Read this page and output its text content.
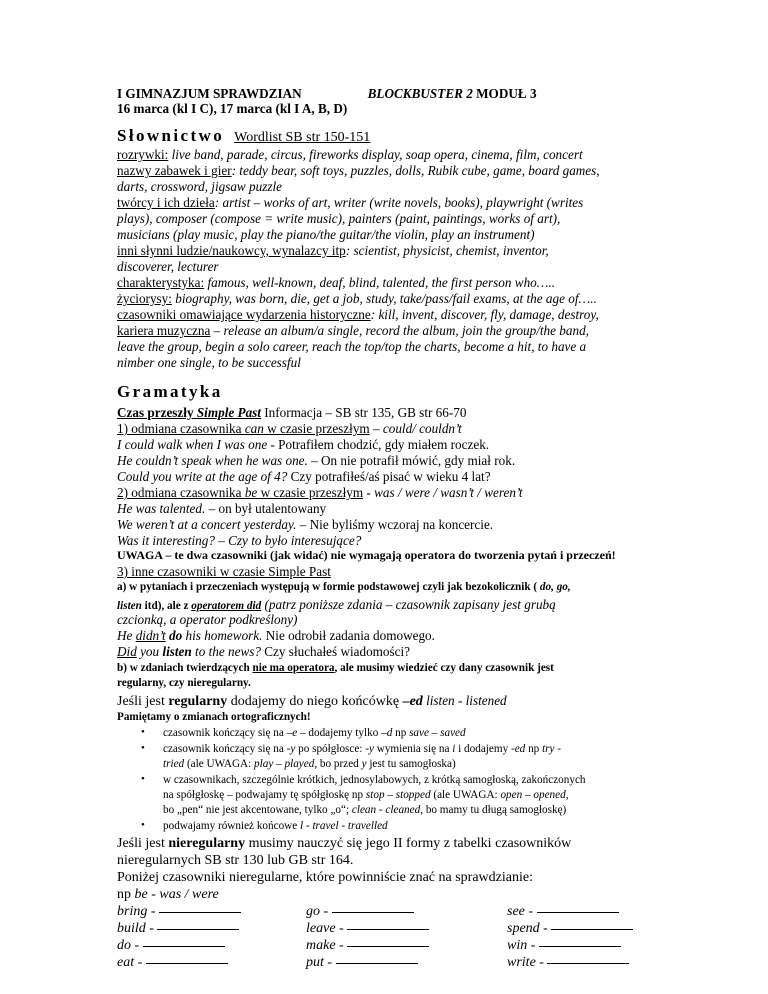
I GIMNAZJUM SPRAWDZIAN	BLOCKBUSTER 2 MODUŁ 3
16 marca (kl I C), 17 marca (kl I A, B, D)
Słownictwo Wordlist SB str 150-151
rozrywki: live band, parade, circus, fireworks display, soap opera, cinema, film, concert
nazwy zabawek i gier: teddy bear, soft toys, puzzles, dolls, Rubik cube, game, board games,
darts, crossword, jigsaw puzzle
twórcy i ich dzieła: artist – works of art, writer (write novels, books), playwright (writes
plays), composer (compose = write music), painters (paint, paintings, works of art),
musicians (play music, play the piano/the guitar/the violin, play an instrument)
inni słynni ludzie/naukowcy, wynalazcy itp: scientist, physicist, chemist, inventor,
discoverer, lecturer
charakterystyka: famous, well-known, deaf, blind, talented, the first person who…..
życiorysy: biography, was born, die, get a job, study, take/pass/fail exams, at the age of…..
czasowniki omawiające wydarzenia historyczne: kill, invent, discover, fly, damage, destroy,
kariera muzyczna – release an album/a single, record the album, join the group/the band,
leave the group, begin a solo career, reach the top/top the charts, become a hit, to have a
nimber one single, to be successful
Gramatyka
Czas przeszły Simple Past Informacja – SB str 135, GB str 66-70
1) odmiana czasownika can w czasie przeszłym – could/ couldn’t
I could walk when I was one - Potrafiłem chodzić, gdy miałem roczek.
He couldn’t speak when he was one. – On nie potrafił mówić, gdy miał rok.
Could you write at the age of 4? Czy potrafiłeś/aś pisać w wieku 4 lat?
2) odmiana czasownika be w czasie przeszłym - was / were / wasn’t / weren’t
He was talented. – on był utalentowany
We weren’t at a concert yesterday. – Nie byliśmy wczoraj na koncercie.
Was it interesting? – Czy to było interesujące?
UWAGA – te dwa czasowniki (jak widać) nie wymagają operatora do tworzenia pytań i przeczeń!
3) inne czasowniki w czasie Simple Past
a) w pytaniach i przeczeniach występują w formie podstawowej czyli jak bezokolicznik ( do, go,
listen itd), ale z operatorem did (patrz poniższe zdania – czasownik zapisany jest grubą
czcionką, a operator podkreślony)
He didn’t do his homework. Nie odrobił zadania domowego.
Did you listen to the news? Czy słuchałeś wiadomości?
b) w zdaniach twierdzących nie ma operatora, ale musimy wiedzieć czy dany czasownik jest
regularny, czy nieregularny.
Jeśli jest regularny dodajemy do niego końcówkę –ed listen - listened
Pamiętamy o zmianach ortograficznych!
• czasownik kończący się na –e – dodajemy tylko –d np save – saved
• czasownik kończący się na -y po spółgłosce: -y wymienia się na i i dodajemy -ed np try -
tried (ale UWAGA: play – played, bo przed y jest tu samogłoska)
• w czasownikach, szczególnie krótkich, jednosylabowych, z krótką samogłoską, zakończonych
na spółgłoskę – podwajamy tę spółgłoskę np stop – stopped (ale UWAGA: open – opened,
bo „pen“ nie jest akcentowane, tylko „o“; clean - cleaned, bo mamy tu długą samogłoskę)
• podwajamy również końcowe l - travel - travelled
Jeśli jest nieregularny musimy nauczyć się jego II formy z tabelki czasowników
nieregularnych SB str 130 lub GB str 164.
Poniżej czasowniki nieregularne, które powinniście znać na sprawdzianie:
np be - was / were
bring -	go -	see -
build -	leave -	spend -
do -	make -	win -
eat -	put -	write -
